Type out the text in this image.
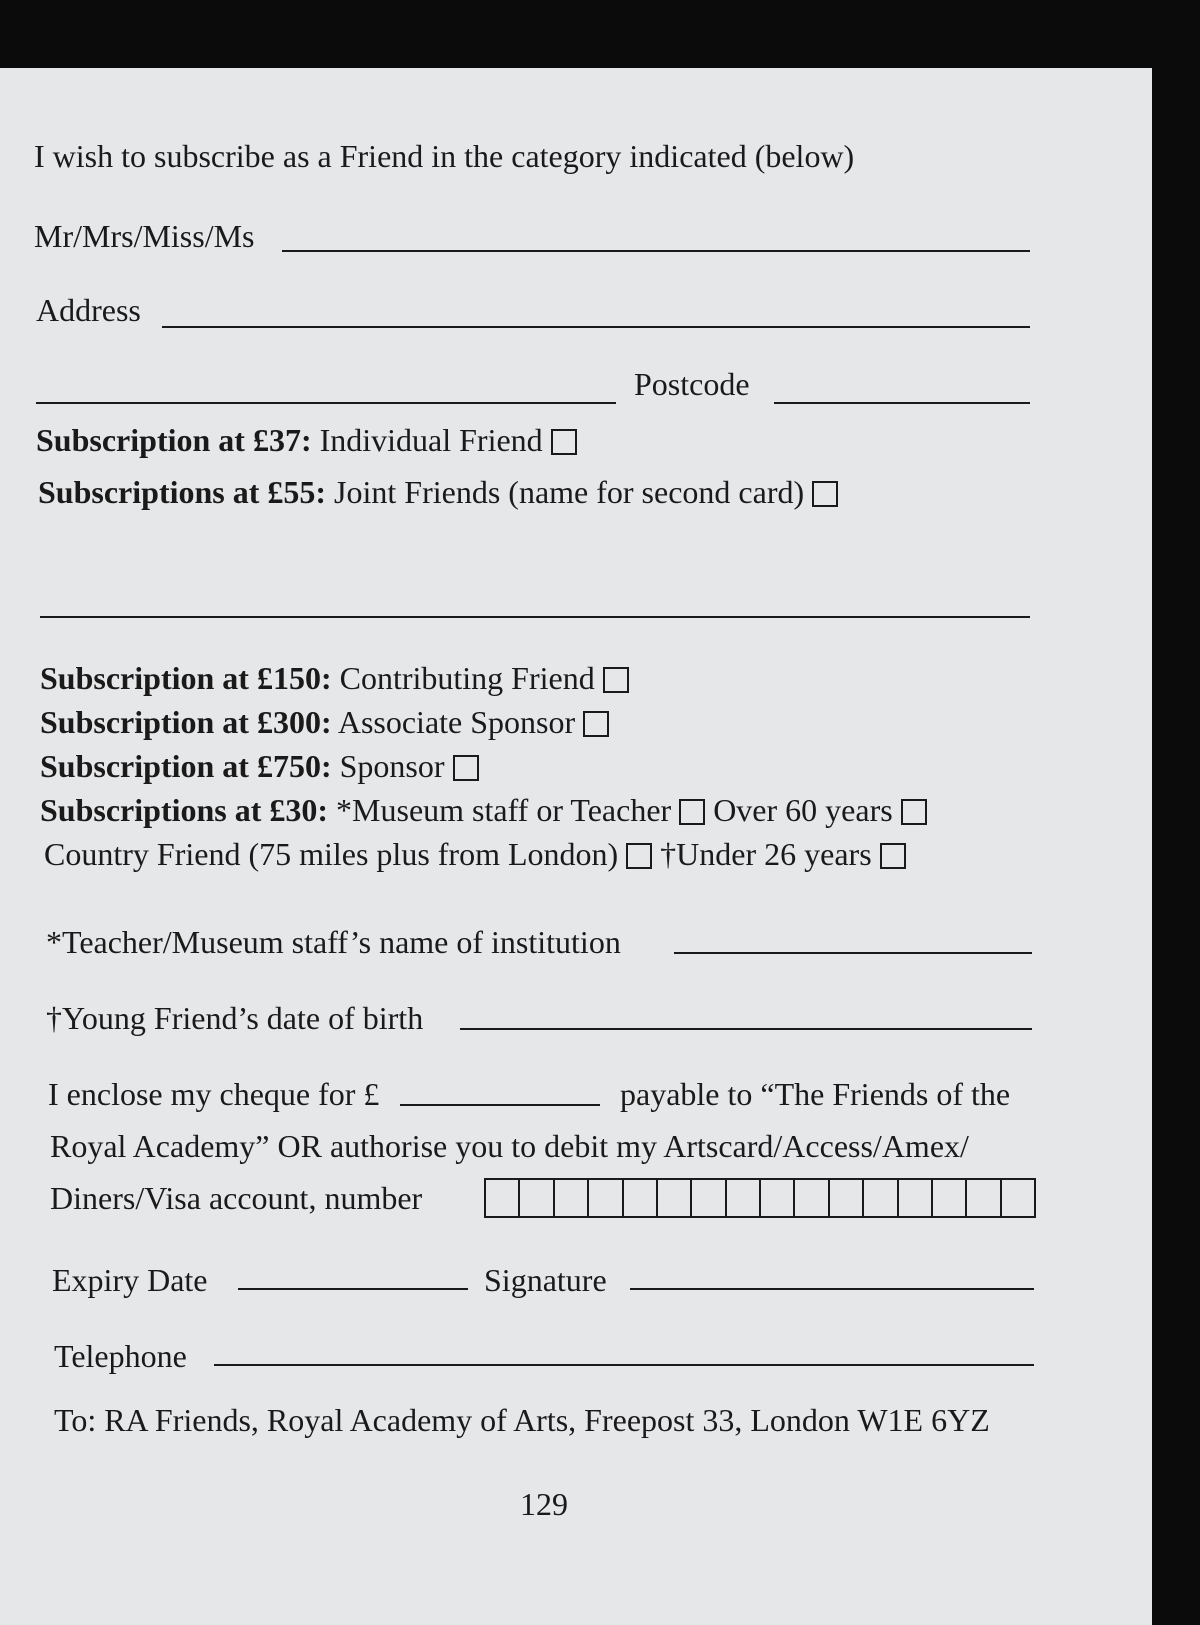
I wish to subscribe as a Friend in the category indicated (below)
Mr/Mrs/Miss/Ms
Address
Postcode
Subscription at £37: Individual Friend
Subscriptions at £55: Joint Friends (name for second card)
Subscription at £150: Contributing Friend
Subscription at £300: Associate Sponsor
Subscription at £750: Sponsor
Subscriptions at £30: *Museum staff or Teacher Over 60 years
Country Friend (75 miles plus from London) †Under 26 years
*Teacher/Museum staff’s name of institution
†Young Friend’s date of birth
I enclose my cheque for £	payable to “The Friends of the
Royal Academy” OR authorise you to debit my Artscard/Access/Amex/
Diners/Visa account, number
Expiry Date	Signature
Telephone
To: RA Friends, Royal Academy of Arts, Freepost 33, London W1E 6YZ
129
